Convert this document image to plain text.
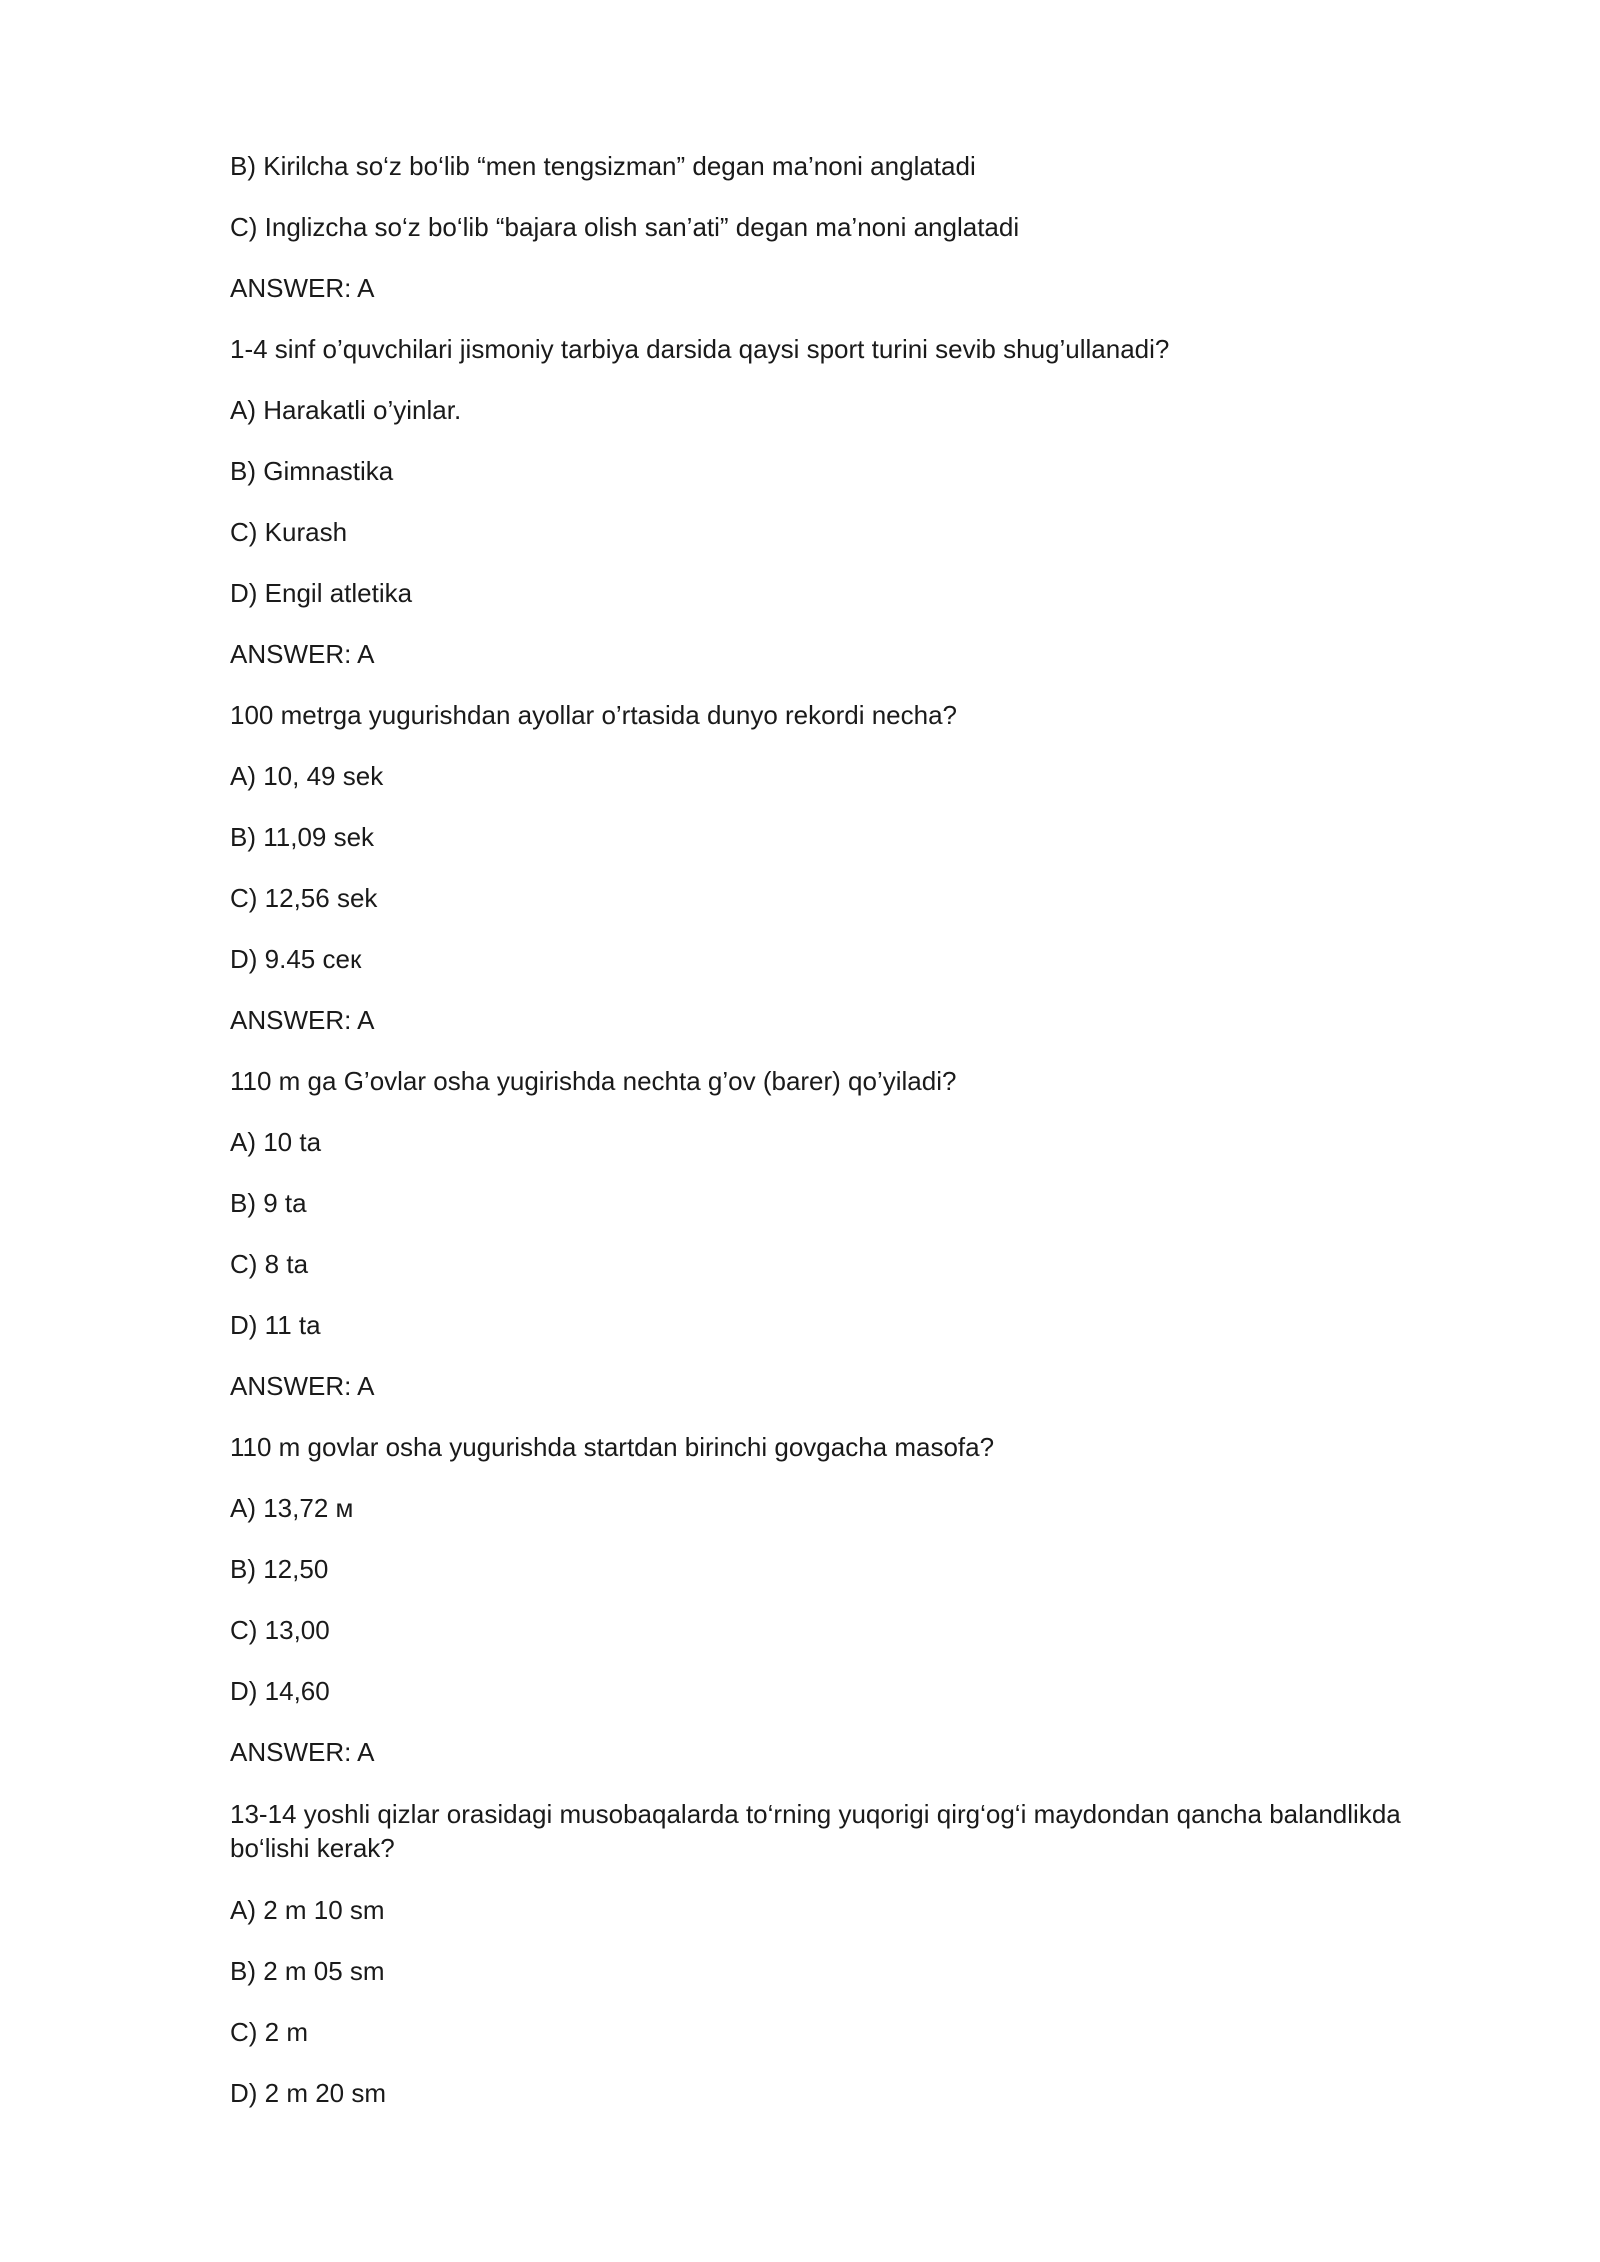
B) Kirilcha so‘z bo‘lib “men tengsizman” degan ma’noni anglatadi
C) Inglizcha so‘z bo‘lib “bajara olish san’ati” degan ma’noni anglatadi
ANSWER: A
1-4 sinf o’quvchilari jismoniy tarbiya darsida qaysi sport turini sevib shug’ullanadi?
A) Harakatli o’yinlar.
B) Gimnastika
C) Kurash
D) Engil atletika
ANSWER: A
100 metrga yugurishdan ayollar o’rtasida dunyo rekordi necha?
A) 10, 49 sek
B) 11,09 sek
C) 12,56 sek
D) 9.45 сек
ANSWER: A
110 m ga G’ovlar osha yugirishda nechta g’ov (barer) qo’yiladi?
A) 10 ta
B) 9 ta
C) 8 ta
D) 11 ta
ANSWER: A
110 m govlar osha yugurishda startdan birinchi govgacha masofa?
A) 13,72 м
B) 12,50
C) 13,00
D) 14,60
ANSWER: A
13-14 yoshli qizlar orasidagi musobaqalarda to‘rning yuqorigi qirg‘og‘i maydondan qancha balandlikda bo‘lishi kerak?
A) 2 m 10 sm
B) 2 m 05 sm
C) 2 m
D) 2 m 20 sm
